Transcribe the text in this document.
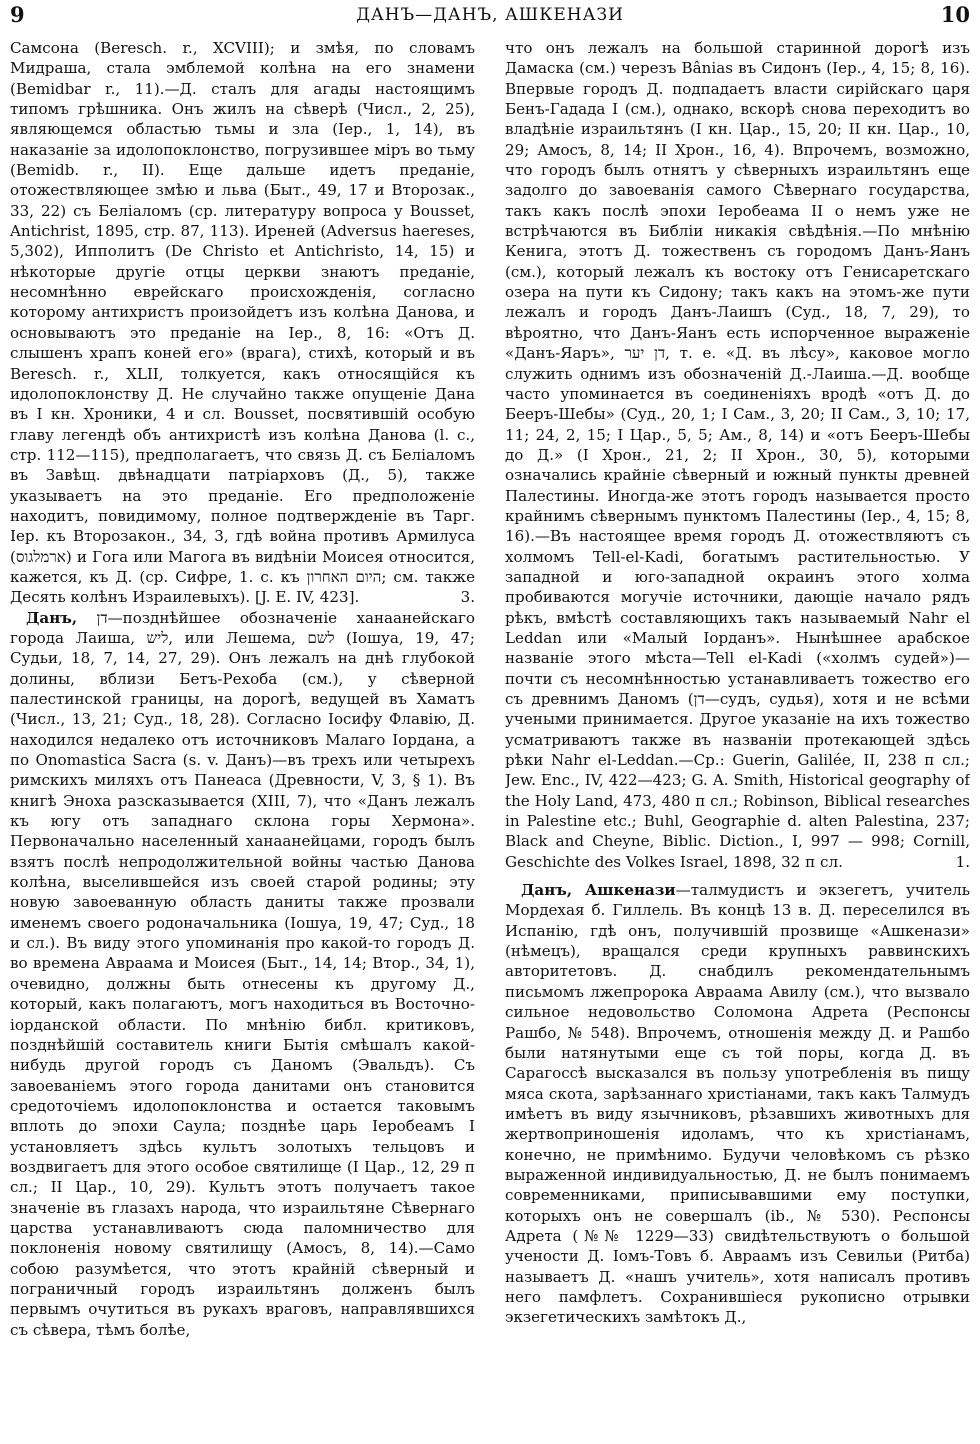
9	ДАНЪ—ДАНЪ, АШКЕНАЗИ	10

Самсона (Beresch. r., XCVIII); и змѣя, по словамъ Мидраша, стала эмблемой колѣна на его знамени (Bemidbar r., 11).—Д. сталъ для агады настоящимъ типомъ грѣшника. Онъ жилъ на сѣверѣ (Числ., 2, 25), являющемся областью тьмы и зла (Іер., 1, 14), въ наказаніе за идолопоклонство, погрузившее міръ во тьму (Bemidb. r., II). Еще дальше идетъ преданіе, отожествляющее змѣю и льва (Быт., 49, 17 и Второзак., 33, 22) съ Беліаломъ (ср. литературу вопроса у Bousset, Antichrist, 1895, стр. 87, 113). Иреней (Adversus haereses, 5,302), Ипполитъ (De Christo et Antichristo, 14, 15) и нѣкоторые другіе отцы церкви знаютъ преданіе, несомнѣнно еврейскаго происхожденія, согласно которому антихристъ произойдетъ изъ колѣна Данова, и основываютъ это преданіе на Іер., 8, 16: «Отъ Д. слышенъ храпъ коней его» (врага), стихѣ, который и въ Beresch. r., XLII, толкуется, какъ относящійся къ идолопоклонству Д. Не случайно также опущеніе Дана въ I кн. Хроники, 4 и сл. Bousset, посвятившій особую главу легендѣ объ антихристѣ изъ колѣна Данова (l. c., стр. 112—115), предполагаетъ, что связь Д. съ Беліаломъ въ Завѣщ. двѣнадцати патріарховъ (Д., 5), также указываетъ на это преданіе. Его предположеніе находитъ, повидимому, полное подтвержденіе въ Тарг. Іер. къ Второзакон., 34, 3, гдѣ война противъ Армилуса (ארמלגוס) и Гога или Магога въ видѣніи Моисея относится, кажется, къ Д. (ср. Сифре, 1. с. къ היום האחרון; см. также Десять колѣнъ Израилевыхъ). [J. E. IV, 423].	3.

Данъ, דן—позднѣйшее обозначеніе ханаанейскаго города Лаиша, ליש, или Лешема, לשם (Іошуа, 19, 47; Судьи, 18, 7, 14, 27, 29). Онъ лежалъ на днѣ глубокой долины, вблизи Бетъ-Рехоба (см.), у сѣверной палестинской границы, на дорогѣ, ведущей въ Хаматъ (Числ., 13, 21; Суд., 18, 28). Согласно Іосифу Флавію, Д. находился недалеко отъ источниковъ Малаго Іордана, а по Onomastica Sacra (s. v. Данъ)—въ трехъ или четырехъ римскихъ миляхъ отъ Панеаса (Древности, V, 3, § 1). Въ книгѣ Эноха разсказывается (XIII, 7), что «Данъ лежалъ къ югу отъ западнаго склона горы Хермона». Первоначально населенный ханаанейцами, городъ былъ взятъ послѣ непродолжительной войны частью Данова колѣна, выселившейся изъ своей старой родины; эту новую завоеванную область даниты также прозвали именемъ своего родоначальника (Іошуа, 19, 47; Суд., 18 и сл.). Въ виду этого упоминанія про какой-то городъ Д. во времена Авраама и Моисея (Быт., 14, 14; Втор., 34, 1), очевидно, должны быть отнесены къ другому Д., который, какъ полагаютъ, могъ находиться въ Восточно-іорданской области. По мнѣнію библ. критиковъ, позднѣйшій составитель книги Бытія смѣшалъ какой-нибудь другой городъ съ Даномъ (Эвальдъ). Съ завоеваніемъ этого города данитами онъ становится средоточіемъ идолопоклонства и остается таковымъ вплоть до эпохи Саула; позднѣе царь Іеробеамъ I установляетъ здѣсь культъ золотыхъ тельцовъ и воздвигаетъ для этого особое святилище (I Цар., 12, 29 п сл.; II Цар., 10, 29). Культъ этотъ получаетъ такое значеніе въ глазахъ народа, что израильтяне Сѣвернаго царства устанавливаютъ сюда паломничество для поклоненія новому святилищу (Амосъ, 8, 14).—Само собою разумѣется, что этотъ крайній сѣверный и пограничный городъ израильтянъ долженъ былъ первымъ очутиться въ рукахъ враговъ, направлявшихся съ сѣвера, тѣмъ болѣе,

что онъ лежалъ на большой старинной дорогѣ изъ Дамаска (см.) черезъ Bânias въ Сидонъ (Іер., 4, 15; 8, 16). Впервые городъ Д. подпадаетъ власти сирійскаго царя Бенъ-Гадада I (см.), однако, вскорѣ снова переходитъ во владѣніе израильтянъ (I кн. Цар., 15, 20; II кн. Цар., 10, 29; Амосъ, 8, 14; II Хрон., 16, 4). Впрочемъ, возможно, что городъ былъ отнятъ у сѣверныхъ израильтянъ еще задолго до завоеванія самого Сѣвернаго государства, такъ какъ послѣ эпохи Іеробеама II о немъ уже не встрѣчаются въ Библіи никакія свѣдѣнія.—По мнѣнію Кенига, этотъ Д. тожественъ съ городомъ Данъ-Яанъ (см.), который лежалъ къ востоку отъ Генисаретскаго озера на пути къ Сидону; такъ какъ на этомъ-же пути лежалъ и городъ Данъ-Лаишъ (Суд., 18, 7, 29), то вѣроятно, что Данъ-Яанъ есть испорченное выраженіе «Данъ-Яаръ», דן יער, т. е. «Д. въ лѣсу», каковое могло служить однимъ изъ обозначеній Д.-Лаиша.—Д. вообще часто упоминается въ соединеніяхъ вродѣ «отъ Д. до Бееръ-Шебы» (Суд., 20, 1; I Сам., 3, 20; II Сам., 3, 10; 17, 11; 24, 2, 15; I Цар., 5, 5; Ам., 8, 14) и «отъ Бееръ-Шебы до Д.» (I Хрон., 21, 2; II Хрон., 30, 5), которыми означались крайніе сѣверный и южный пункты древней Палестины. Иногда-же этотъ городъ называется просто крайнимъ сѣвернымъ пунктомъ Палестины (Іер., 4, 15; 8, 16).—Въ настоящее время городъ Д. отожествляютъ съ холмомъ Tell-el-Kadi, богатымъ растительностью. У западной и юго-западной окраинъ этого холма пробиваются могучіе источники, дающіе начало рядъ рѣкъ, вмѣстѣ составляющихъ такъ называемый Nahr el Leddan или «Малый Іорданъ». Нынѣшнее арабское названіе этого мѣста—Tell el-Kadi («холмъ судей»)—почти съ несомнѣнностью устанавливаетъ тожество его съ древнимъ Даномъ (דן—судъ, судья), хотя и не всѣми учеными принимается. Другое указаніе на ихъ тожество усматриваютъ также въ названіи протекающей здѣсь рѣки Nahr el-Leddan.—Cp.: Guerin, Galilée, II, 238 п сл.; Jew. Enc., IV, 422—423; G. A. Smith, Historical geography of the Holy Land, 473, 480 п сл.; Robinson, Biblical researches in Palestine etc.; Buhl, Geographie d. alten Palestina, 237; Black and Cheyne, Biblic. Diction., I, 997 — 998; Cornill, Geschichte des Volkes Israel, 1898, 32 п сл.	1.

Данъ, Ашкенази—талмудистъ и экзегетъ, учитель Мордехая б. Гиллель. Въ концѣ 13 в. Д. переселился въ Испанію, гдѣ онъ, получившій прозвище «Ашкенази» (нѣмецъ), вращался среди крупныхъ раввинскихъ авторитетовъ. Д. снабдилъ рекомендательнымъ письмомъ лжепророка Авраама Авилу (см.), что вызвало сильное недовольство Соломона Адрета (Респонсы Рашбо, № 548). Впрочемъ, отношенія между Д. и Рашбо были натянутыми еще съ той поры, когда Д. въ Сарагоссѣ высказался въ пользу употребленія въ пищу мяса скота, зарѣзаннаго христіанами, такъ какъ Талмудъ имѣетъ въ виду язычниковъ, рѣзавшихъ животныхъ для жертвоприношенія идоламъ, что къ христіанамъ, конечно, не примѣнимо. Будучи человѣкомъ съ рѣзко выраженной индивидуальностью, Д. не былъ понимаемъ современниками, приписывавшими ему поступки, которыхъ онъ не совершалъ (ib., № 530). Респонсы Адрета (№№ 1229—33) свидѣтельствуютъ о большой учености Д. Іомъ-Товъ б. Авраамъ изъ Севильи (Ритба) называетъ Д. «нашъ учитель», хотя написалъ противъ него памфлетъ. Сохранившіеся рукописно отрывки экзегетическихъ замѣтокъ Д.,
